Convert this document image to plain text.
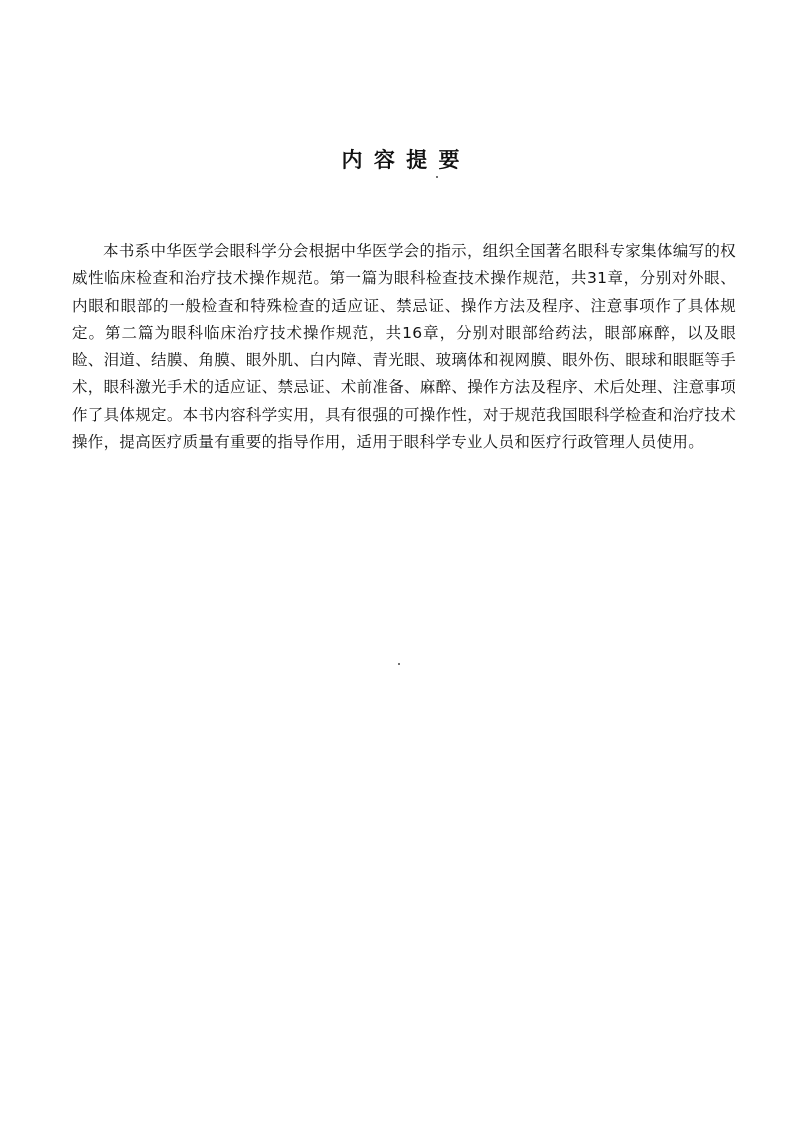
内 容 提 要

本书系中华医学会眼科学分会根据中华医学会的指示，组织全国著名眼科专家集体编写的权威性临床检查和治疗技术操作规范。第一篇为眼科检查技术操作规范，共31章，分别对外眼、内眼和眼部的一般检查和特殊检查的适应证、禁忌证、操作方法及程序、注意事项作了具体规定。第二篇为眼科临床治疗技术操作规范，共16章，分别对眼部给药法，眼部麻醉，以及眼睑、泪道、结膜、角膜、眼外肌、白内障、青光眼、玻璃体和视网膜、眼外伤、眼球和眼眶等手术，眼科激光手术的适应证、禁忌证、术前准备、麻醉、操作方法及程序、术后处理、注意事项作了具体规定。本书内容科学实用，具有很强的可操作性，对于规范我国眼科学检查和治疗技术操作，提高医疗质量有重要的指导作用，适用于眼科学专业人员和医疗行政管理人员使用。
